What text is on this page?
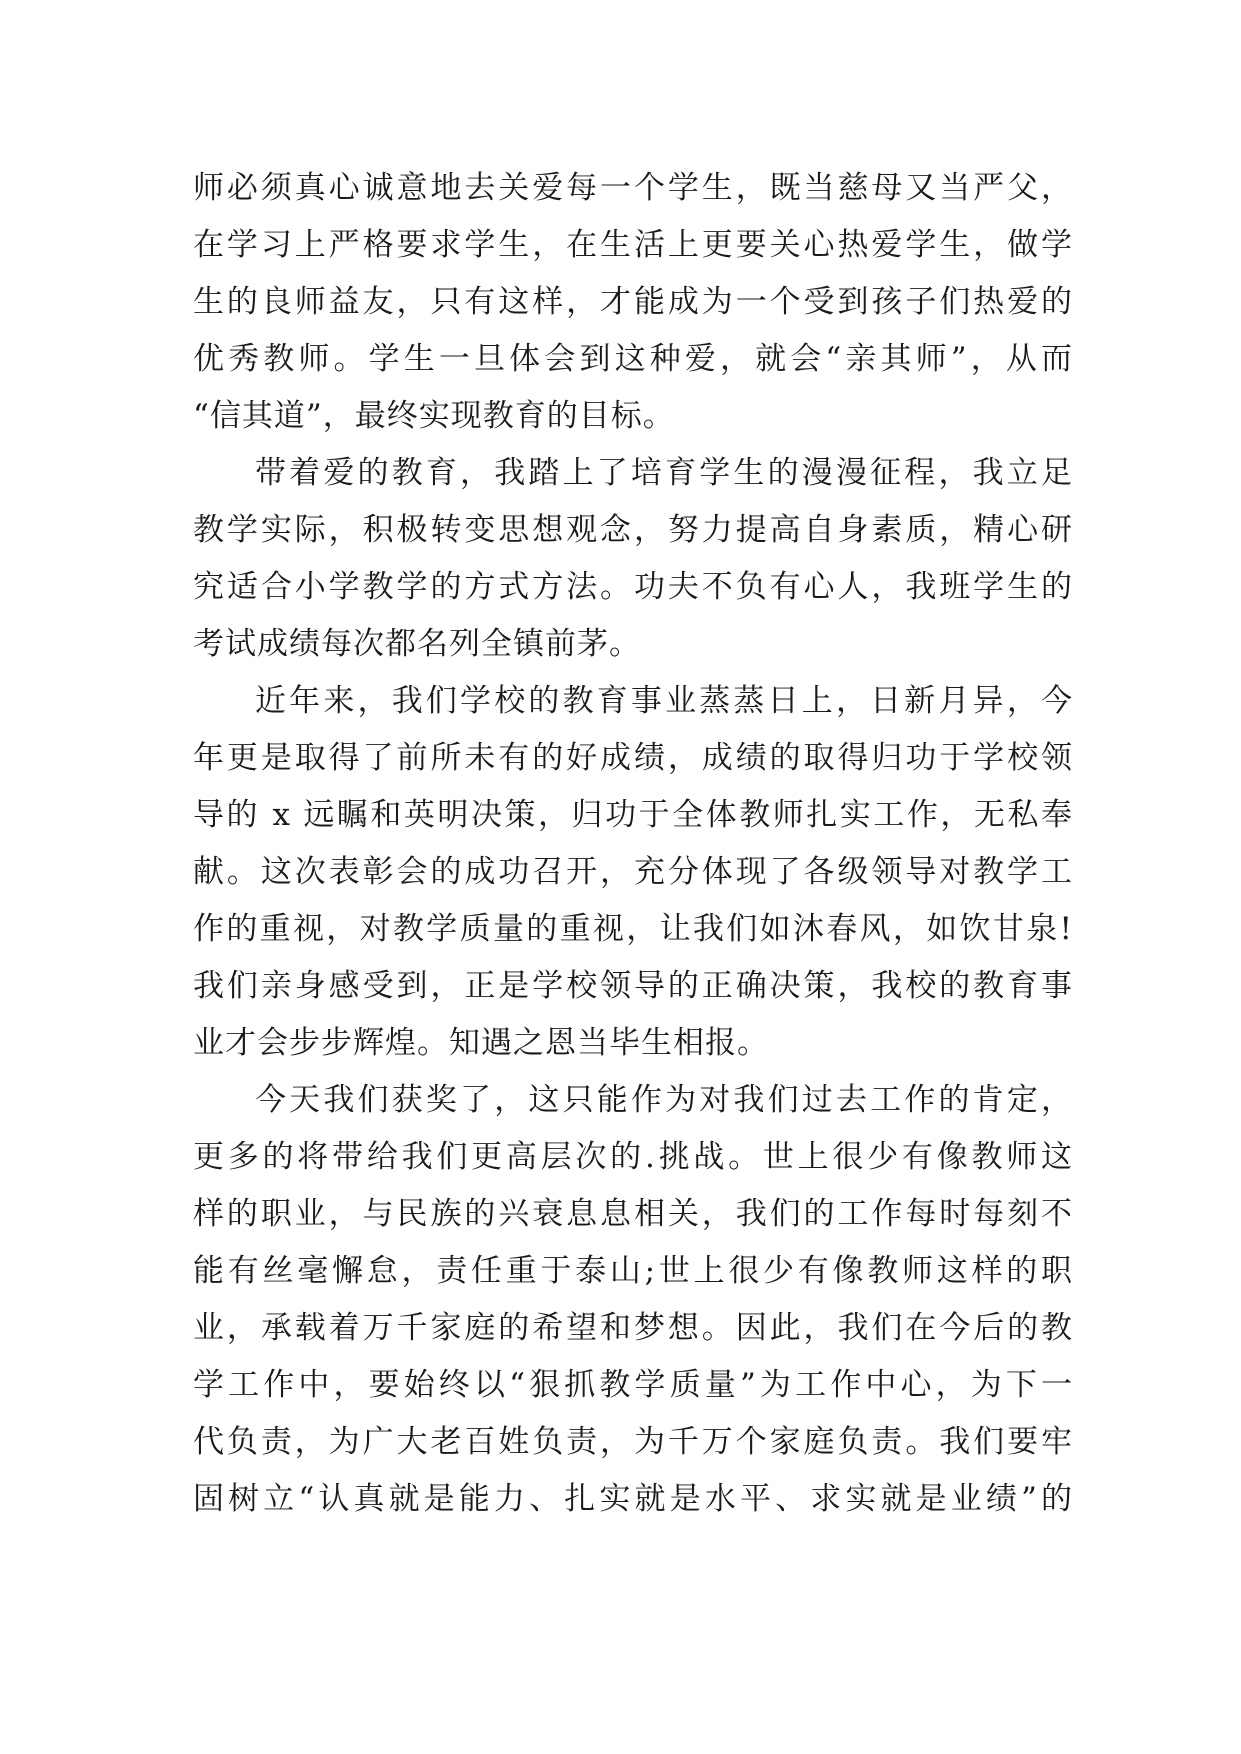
师必须真心诚意地去关爱每一个学生，既当慈母又当严父，
在学习上严格要求学生，在生活上更要关心热爱学生，做学
生的良师益友，只有这样，才能成为一个受到孩子们热爱的
优秀教师。学生一旦体会到这种爱，就会“亲其师”，从而
“信其道”，最终实现教育的目标。
带着爱的教育，我踏上了培育学生的漫漫征程，我立足
教学实际，积极转变思想观念，努力提高自身素质，精心研
究适合小学教学的方式方法。功夫不负有心人，我班学生的
考试成绩每次都名列全镇前茅。
近年来，我们学校的教育事业蒸蒸日上，日新月异，今
年更是取得了前所未有的好成绩，成绩的取得归功于学校领
导的 x 远瞩和英明决策，归功于全体教师扎实工作，无私奉
献。这次表彰会的成功召开，充分体现了各级领导对教学工
作的重视，对教学质量的重视，让我们如沐春风，如饮甘泉!
我们亲身感受到，正是学校领导的正确决策，我校的教育事
业才会步步辉煌。知遇之恩当毕生相报。
今天我们获奖了，这只能作为对我们过去工作的肯定，
更多的将带给我们更高层次的.挑战。世上很少有像教师这
样的职业，与民族的兴衰息息相关，我们的工作每时每刻不
能有丝毫懈怠，责任重于泰山;世上很少有像教师这样的职
业，承载着万千家庭的希望和梦想。因此，我们在今后的教
学工作中，要始终以“狠抓教学质量”为工作中心，为下一
代负责，为广大老百姓负责，为千万个家庭负责。我们要牢
固树立“认真就是能力、扎实就是水平、求实就是业绩”的
